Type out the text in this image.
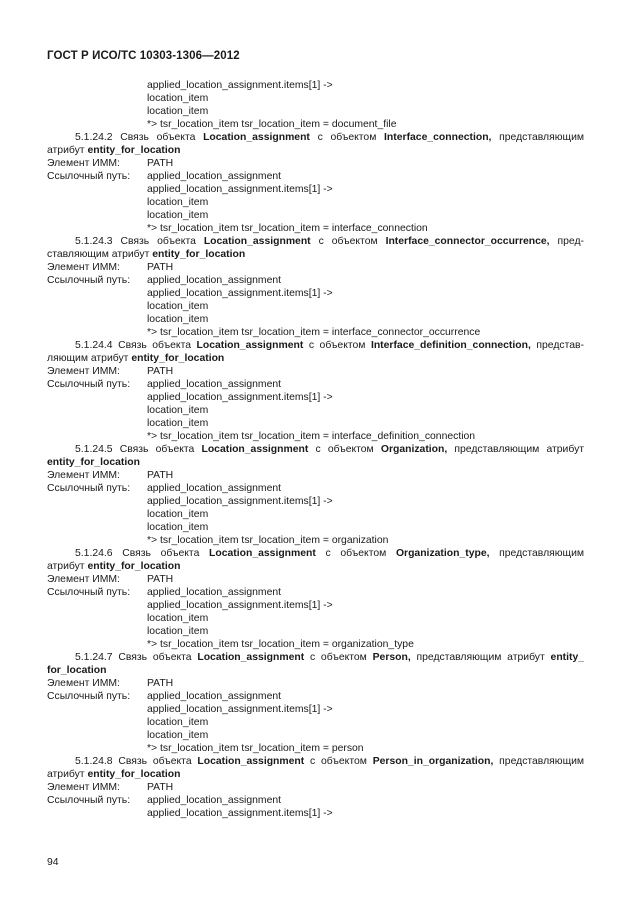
ГОСТ Р ИСО/ТС 10303-1306—2012
applied_location_assignment.items[1] ->
location_item
location_item
*> tsr_location_item tsr_location_item = document_file
5.1.24.2 Связь объекта Location_assignment с объектом Interface_connection, представляющим
атрибут entity_for_location
Элемент ИММ:	PATH
Ссылочный путь:	applied_location_assignment
applied_location_assignment.items[1] ->
location_item
location_item
*> tsr_location_item tsr_location_item = interface_connection
5.1.24.3 Связь объекта Location_assignment с объектом Interface_connector_occurrence, пред-
ставляющим атрибут entity_for_location
Элемент ИММ:	PATH
Ссылочный путь:	applied_location_assignment
applied_location_assignment.items[1] ->
location_item
location_item
*> tsr_location_item tsr_location_item = interface_connector_occurrence
5.1.24.4 Связь объекта Location_assignment с объектом Interface_definition_connection, представ-
ляющим атрибут entity_for_location
Элемент ИММ:	PATH
Ссылочный путь:	applied_location_assignment
applied_location_assignment.items[1] ->
location_item
location_item
*> tsr_location_item tsr_location_item = interface_definition_connection
5.1.24.5 Связь объекта Location_assignment с объектом Organization, представляющим атрибут
entity_for_location
Элемент ИММ:	PATH
Ссылочный путь:	applied_location_assignment
applied_location_assignment.items[1] ->
location_item
location_item
*> tsr_location_item tsr_location_item = organization
5.1.24.6 Связь объекта Location_assignment с объектом Organization_type, представляющим
атрибут entity_for_location
Элемент ИММ:	PATH
Ссылочный путь:	applied_location_assignment
applied_location_assignment.items[1] ->
location_item
location_item
*> tsr_location_item tsr_location_item = organization_type
5.1.24.7 Связь объекта Location_assignment с объектом Person, представляющим атрибут entity_
for_location
Элемент ИММ:	PATH
Ссылочный путь:	applied_location_assignment
applied_location_assignment.items[1] ->
location_item
location_item
*> tsr_location_item tsr_location_item = person
5.1.24.8 Связь объекта Location_assignment с объектом Person_in_organization, представляющим
атрибут entity_for_location
Элемент ИММ:	PATH
Ссылочный путь:	applied_location_assignment
applied_location_assignment.items[1] ->
94
